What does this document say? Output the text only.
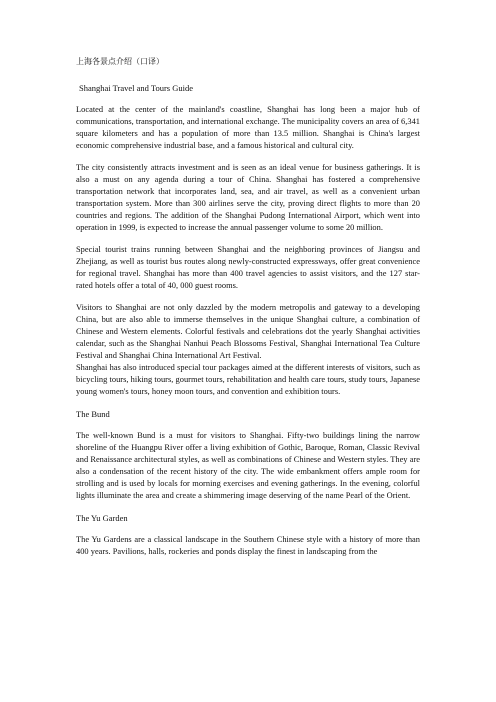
上海各景点介绍（口译）
Shanghai Travel and Tours Guide

Located at the center of the mainland's coastline, Shanghai has long been a major hub of communications, transportation, and international exchange. The municipality covers an area of 6,341 square kilometers and has a population of more than 13.5 million. Shanghai is China's largest economic comprehensive industrial base, and a famous historical and cultural city.

The city consistently attracts investment and is seen as an ideal venue for business gatherings. It is also a must on any agenda during a tour of China. Shanghai has fostered a comprehensive transportation network that incorporates land, sea, and air travel, as well as a convenient urban transportation system. More than 300 airlines serve the city, proving direct flights to more than 20 countries and regions. The addition of the Shanghai Pudong International Airport, which went into operation in 1999, is expected to increase the annual passenger volume to some 20 million.

Special tourist trains running between Shanghai and the neighboring provinces of Jiangsu and Zhejiang, as well as tourist bus routes along newly-constructed expressways, offer great convenience for regional travel. Shanghai has more than 400 travel agencies to assist visitors, and the 127 star-rated hotels offer a total of 40, 000 guest rooms.

Visitors to Shanghai are not only dazzled by the modern metropolis and gateway to a developing China, but are also able to immerse themselves in the unique Shanghai culture, a combination of Chinese and Western elements. Colorful festivals and celebrations dot the yearly Shanghai activities calendar, such as the Shanghai Nanhui Peach Blossoms Festival, Shanghai International Tea Culture Festival and Shanghai China International Art Festival.

Shanghai has also introduced special tour packages aimed at the different interests of visitors, such as bicycling tours, hiking tours, gourmet tours, rehabilitation and health care tours, study tours, Japanese young women's tours, honey moon tours, and convention and exhibition tours.

The Bund

The well-known Bund is a must for visitors to Shanghai. Fifty-two buildings lining the narrow shoreline of the Huangpu River offer a living exhibition of Gothic, Baroque, Roman, Classic Revival and Renaissance architectural styles, as well as combinations of Chinese and Western styles. They are also a condensation of the recent history of the city. The wide embankment offers ample room for strolling and is used by locals for morning exercises and evening gatherings. In the evening, colorful lights illuminate the area and create a shimmering image deserving of the name Pearl of the Orient.

The Yu Garden

The Yu Gardens are a classical landscape in the Southern Chinese style with a history of more than 400 years. Pavilions, halls, rockeries and ponds display the finest in landscaping from the
